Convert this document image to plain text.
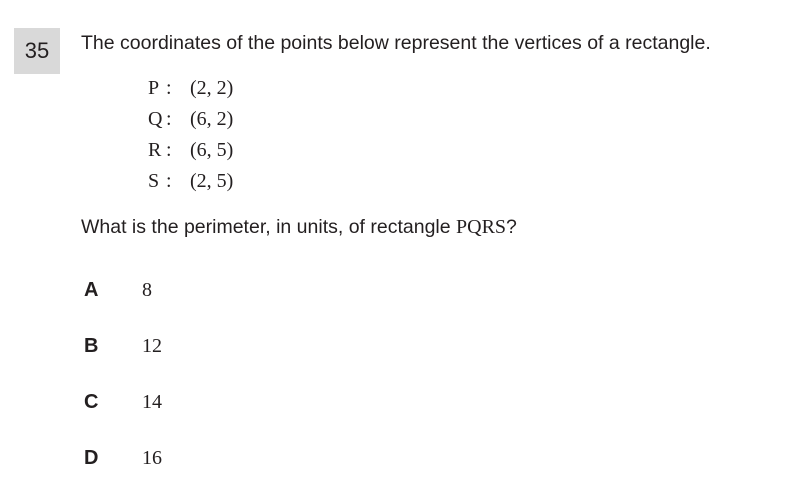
35 The coordinates of the points below represent the vertices of a rectangle.
P : (2, 2)
Q : (6, 2)
R : (6, 5)
S : (2, 5)
What is the perimeter, in units, of rectangle PQRS?
A	8
B	12
C	14
D	16
